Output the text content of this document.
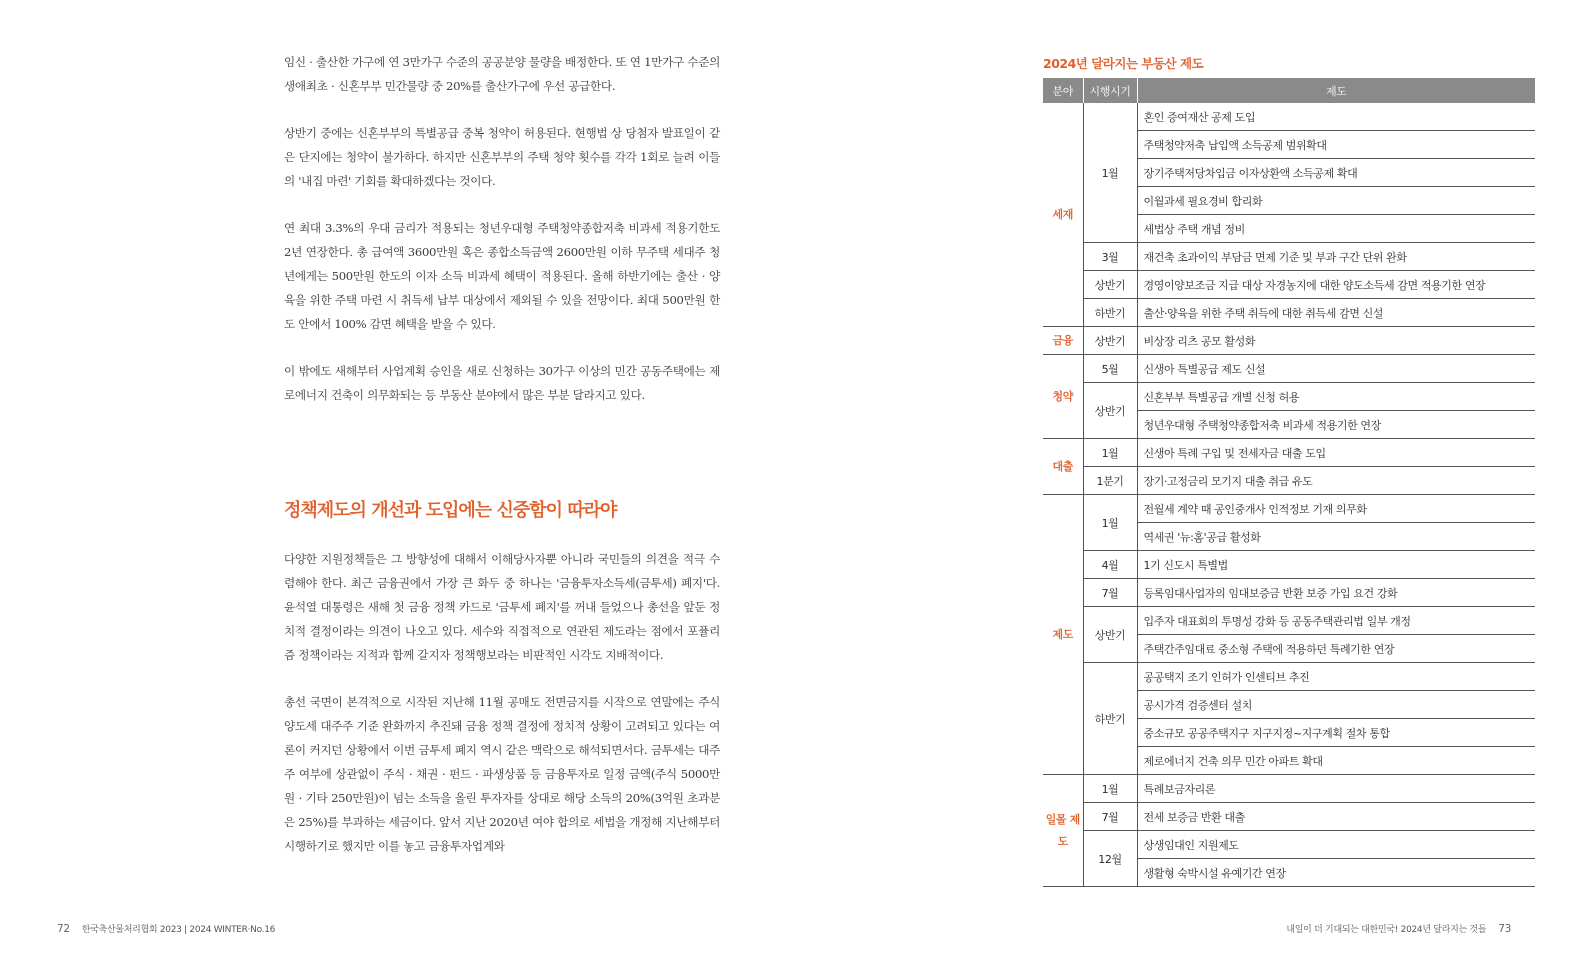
임신 · 출산한 가구에 연 3만가구 수준의 공공분양 물량을 배정한다. 또 연 1만가구 수준의 생애최초 · 신혼부부 민간물량 중 20%를 출산가구에 우선 공급한다.

상반기 중에는 신혼부부의 특별공급 중복 청약이 허용된다. 현행법 상 당첨자 발표일이 같은 단지에는 청약이 불가하다. 하지만 신혼부부의 주택 청약 횟수를 각각 1회로 늘려 이들의 '내집 마련' 기회를 확대하겠다는 것이다.

연 최대 3.3%의 우대 금리가 적용되는 청년우대형 주택청약종합저축 비과세 적용기한도 2년 연장한다. 총 급여액 3600만원 혹은 종합소득금액 2600만원 이하 무주택 세대주 청년에게는 500만원 한도의 이자 소득 비과세 혜택이 적용된다. 올해 하반기에는 출산 · 양육을 위한 주택 마련 시 취득세 납부 대상에서 제외될 수 있을 전망이다. 최대 500만원 한도 안에서 100% 감면 혜택을 받을 수 있다.

이 밖에도 새해부터 사업계획 승인을 새로 신청하는 30가구 이상의 민간 공동주택에는 제로에너지 건축이 의무화되는 등 부동산 분야에서 많은 부분 달라지고 있다.

정책제도의 개선과 도입에는 신중함이 따라야

다양한 지원정책들은 그 방향성에 대해서 이해당사자뿐 아니라 국민들의 의견을 적극 수렴해야 한다. 최근 금융권에서 가장 큰 화두 중 하나는 '금융투자소득세(금투세) 폐지'다. 윤석열 대통령은 새해 첫 금융 정책 카드로 '금투세 폐지'를 꺼내 들었으나 총선을 앞둔 정치적 결정이라는 의견이 나오고 있다. 세수와 직접적으로 연관된 제도라는 점에서 포퓰리즘 정책이라는 지적과 함께 갈지자 정책행보라는 비판적인 시각도 지배적이다.

총선 국면이 본격적으로 시작된 지난해 11월 공매도 전면금지를 시작으로 연말에는 주식양도세 대주주 기준 완화까지 추진돼 금융 정책 결정에 정치적 상황이 고려되고 있다는 여론이 커지던 상황에서 이번 금투세 폐지 역시 같은 맥락으로 해석되면서다. 금투세는 대주주 여부에 상관없이 주식 · 채권 · 펀드 · 파생상품 등 금융투자로 일정 금액(주식 5000만원 · 기타 250만원)이 넘는 소득을 올린 투자자를 상대로 해당 소득의 20%(3억원 초과분은 25%)를 부과하는 세금이다. 앞서 지난 2020년 여야 합의로 세법을 개정해 지난해부터 시행하기로 했지만 이를 놓고 금융투자업계와

72 한국축산물처리협회 2023 | 2024 WINTER·No.16	내일이 더 기대되는 대한민국! 2024년 달라지는 것들 73
2024년 달라지는 부동산 제도
분야	시행시기	제도
세재	1월	혼인 증여재산 공제 도입
		주택청약저축 납입액 소득공제 범위확대
		장기주택저당차입금 이자상환액 소득공제 확대
		이월과세 필요경비 합리화
		세법상 주택 개념 정비
	3월	재건축 초과이익 부담금 면제 기준 및 부과 구간 단위 완화
	상반기	경영이양보조금 지급 대상 자경농지에 대한 양도소득세 감면 적용기한 연장
	하반기	출산·양육을 위한 주택 취득에 대한 취득세 감면 신설
금융	상반기	비상장 리츠 공모 활성화
청약	5월	신생아 특별공급 제도 신설
	상반기	신혼부부 특별공급 개별 신청 허용
		청년우대형 주택청약종합저축 비과세 적용기한 연장
대출	1월	신생아 특례 구입 및 전세자금 대출 도입
	1분기	장기·고정금리 모기지 대출 취급 유도
제도	1월	전월세 계약 때 공인중개사 인적정보 기재 의무화
		역세권 '뉴:홈'공급 활성화
	4월	1기 신도시 특별법
	7월	등록임대사업자의 임대보증금 반환 보증 가입 요건 강화
	상반기	입주자 대표회의 투명성 강화 등 공동주택관리법 일부 개정
		주택간주임대료 중소형 주택에 적용하던 특례기한 연장
	하반기	공공택지 조기 인허가 인센티브 추진
		공시가격 검증센터 설치
		중소규모 공공주택지구 지구지정~지구계획 절차 통합
		제로에너지 건축 의무 민간 아파트 확대
일몰 제도	1월	특례보금자리론
	7월	전세 보증금 반환 대출
	12월	상생임대인 지원제도
		생활형 숙박시설 유예기간 연장
